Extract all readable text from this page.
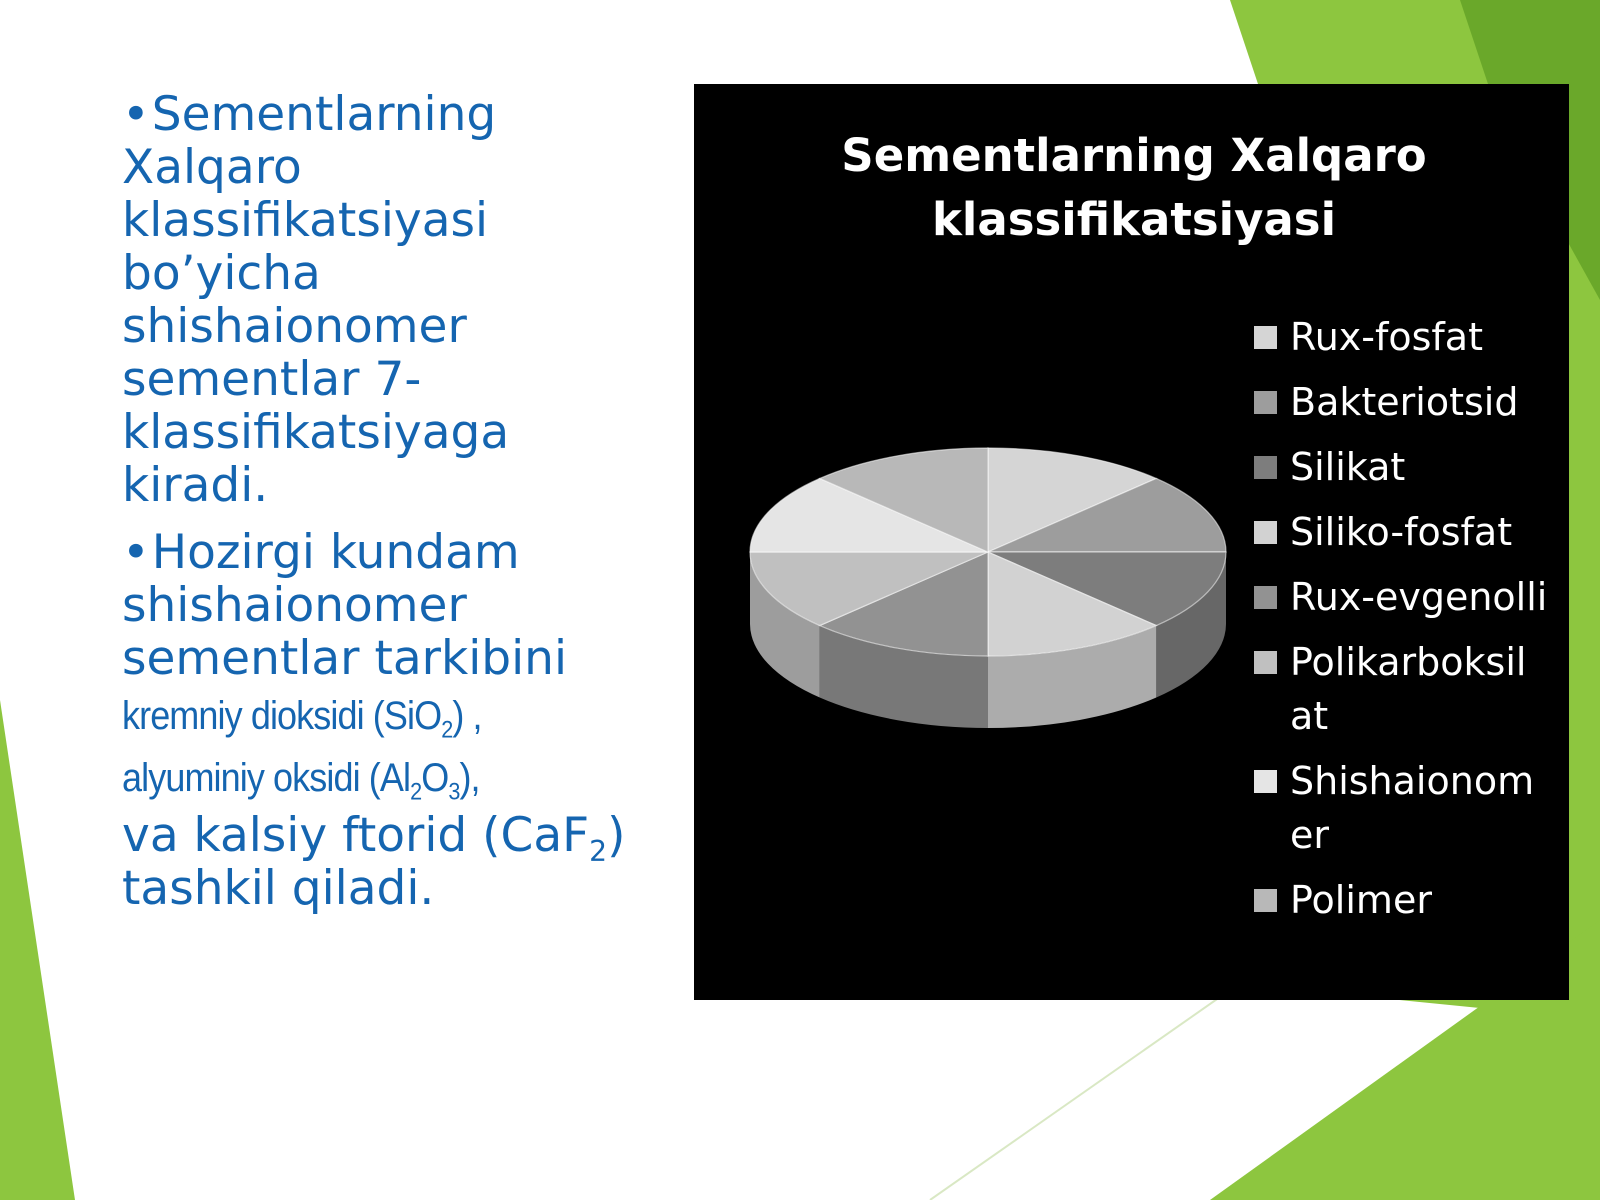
•Sementlarning Xalqaro klassifikatsiyasi bo’yicha shishaionomer sementlar 7-klassifikatsiyaga kiradi.
•Hozirgi kundam shishaionomer sementlar tarkibini
kremniy dioksidi (SiO$_2$) ,
alyuminiy oksidi $(Al_2O_3)$,
va kalsiy ftorid (CaF$_2$)
tashkil qiladi.
Sementlarning Xalqaro klassifikatsiyasi
Rux-fosfat
Bakteriotsid
Silikat
Siliko-fosfat
Rux-evgenolli
Polikarboksil at
Shishaionom er
Polimer
